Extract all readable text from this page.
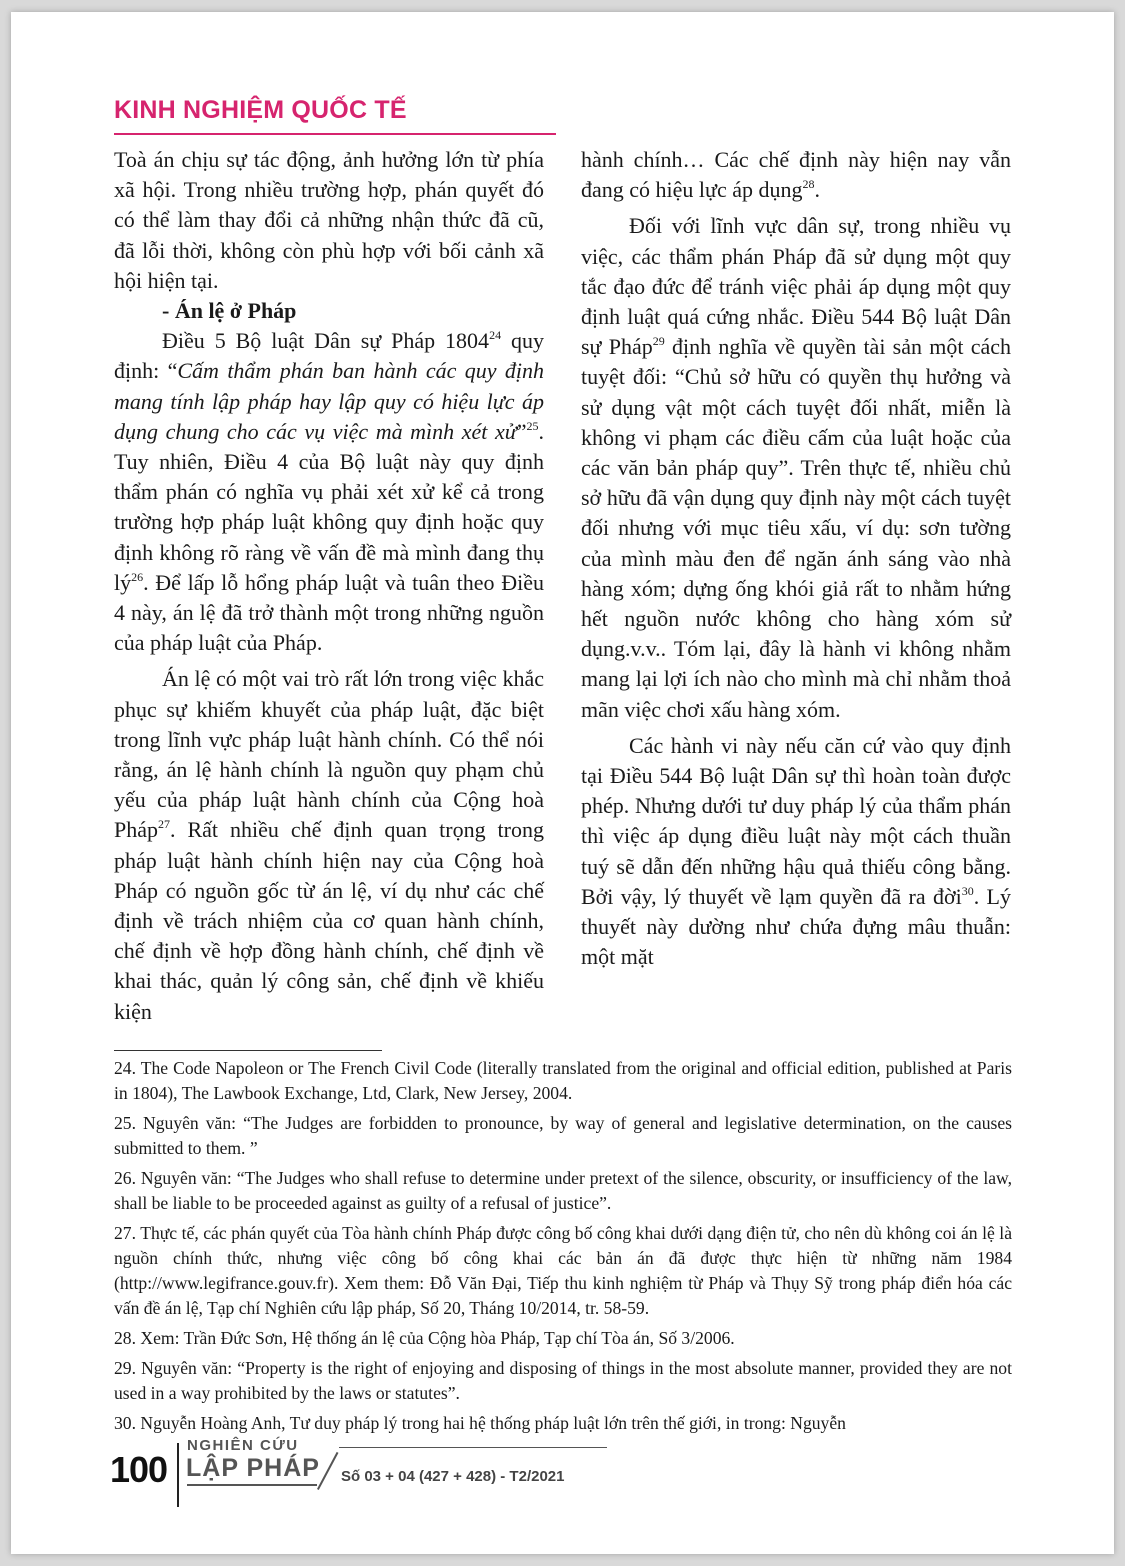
KINH NGHIỆM QUỐC TẾ

Toà án chịu sự tác động, ảnh hưởng lớn từ phía xã hội. Trong nhiều trường hợp, phán quyết đó có thể làm thay đổi cả những nhận thức đã cũ, đã lỗi thời, không còn phù hợp với bối cảnh xã hội hiện tại.

- Án lệ ở Pháp

Điều 5 Bộ luật Dân sự Pháp 1804$^{24}$ quy định: “Cấm thẩm phán ban hành các quy định mang tính lập pháp hay lập quy có hiệu lực áp dụng chung cho các vụ việc mà mình xét xử”$^{25}$. Tuy nhiên, Điều 4 của Bộ luật này quy định thẩm phán có nghĩa vụ phải xét xử kể cả trong trường hợp pháp luật không quy định hoặc quy định không rõ ràng về vấn đề mà mình đang thụ $lý^{26}$. Để lấp lỗ hổng pháp luật và tuân theo Điều 4 này, án lệ đã trở thành một trong những nguồn của pháp luật của Pháp.

Án lệ có một vai trò rất lớn trong việc khắc phục sự khiếm khuyết của pháp luật, đặc biệt trong lĩnh vực pháp luật hành chính. Có thể nói rằng, án lệ hành chính là nguồn quy phạm chủ yếu của pháp luật hành chính của Cộng hoà Pháp$^{27}$. Rất nhiều chế định quan trọng trong pháp luật hành chính hiện nay của Cộng hoà Pháp có nguồn gốc từ án lệ, ví dụ như các chế định về trách nhiệm của cơ quan hành chính, chế định về hợp đồng hành chính, chế định về khai thác, quản lý công sản, chế định về khiếu kiện

hành chính… Các chế định này hiện nay vẫn đang có hiệu lực áp dụng$^{28}$.

Đối với lĩnh vực dân sự, trong nhiều vụ việc, các thẩm phán Pháp đã sử dụng một quy tắc đạo đức để tránh việc phải áp dụng một quy định luật quá cứng nhắc. Điều 544 Bộ luật Dân sự Pháp$^{29}$ định nghĩa về quyền tài sản một cách tuyệt đối: “Chủ sở hữu có quyền thụ hưởng và sử dụng vật một cách tuyệt đối nhất, miễn là không vi phạm các điều cấm của luật hoặc của các văn bản pháp quy”. Trên thực tế, nhiều chủ sở hữu đã vận dụng quy định này một cách tuyệt đối nhưng với mục tiêu xấu, ví dụ: sơn tường của mình màu đen để ngăn ánh sáng vào nhà hàng xóm; dựng ống khói giả rất to nhằm hứng hết nguồn nước không cho hàng xóm sử dụng.v.v.. Tóm lại, đây là hành vi không nhằm mang lại lợi ích nào cho mình mà chỉ nhằm thoả mãn việc chơi xấu hàng xóm.

Các hành vi này nếu căn cứ vào quy định tại Điều 544 Bộ luật Dân sự thì hoàn toàn được phép. Nhưng dưới tư duy pháp lý của thẩm phán thì việc áp dụng điều luật này một cách thuần tuý sẽ dẫn đến những hậu quả thiếu công bằng. Bởi vậy, lý thuyết về lạm quyền đã ra đời$^{30}$. Lý thuyết này dường như chứa đựng mâu thuẫn: một mặt

24. The Code Napoleon or The French Civil Code (literally translated from the original and official edition, published at Paris in 1804), The Lawbook Exchange, Ltd, Clark, New Jersey, 2004.

25. Nguyên văn: “The Judges are forbidden to pronounce, by way of general and legislative determination, on the causes submitted to them. ”

26. Nguyên văn: “The Judges who shall refuse to determine under pretext of the silence, obscurity, or insufficiency of the law, shall be liable to be proceeded against as guilty of a refusal of justice”.

27. Thực tế, các phán quyết của Tòa hành chính Pháp được công bố công khai dưới dạng điện tử, cho nên dù không coi án lệ là nguồn chính thức, nhưng việc công bố công khai các bản án đã được thực hiện từ những năm 1984 (http://www.legifrance.gouv.fr). Xem them: Đỗ Văn Đại, Tiếp thu kinh nghiệm từ Pháp và Thụy Sỹ trong pháp điển hóa các vấn đề án lệ, Tạp chí Nghiên cứu lập pháp, Số 20, Tháng 10/2014, tr. 58-59.

28. Xem: Trần Đức Sơn, Hệ thống án lệ của Cộng hòa Pháp, Tạp chí Tòa án, Số 3/2006.

29. Nguyên văn: “Property is the right of enjoying and disposing of things in the most absolute manner, provided they are not used in a way prohibited by the laws or statutes”.

30. Nguyễn Hoàng Anh, Tư duy pháp lý trong hai hệ thống pháp luật lớn trên thế giới, in trong: Nguyễn

100
NGHIÊN CỨU
LẬP PHÁP Số 03 + 04 (427 + 428) - T2/2021
